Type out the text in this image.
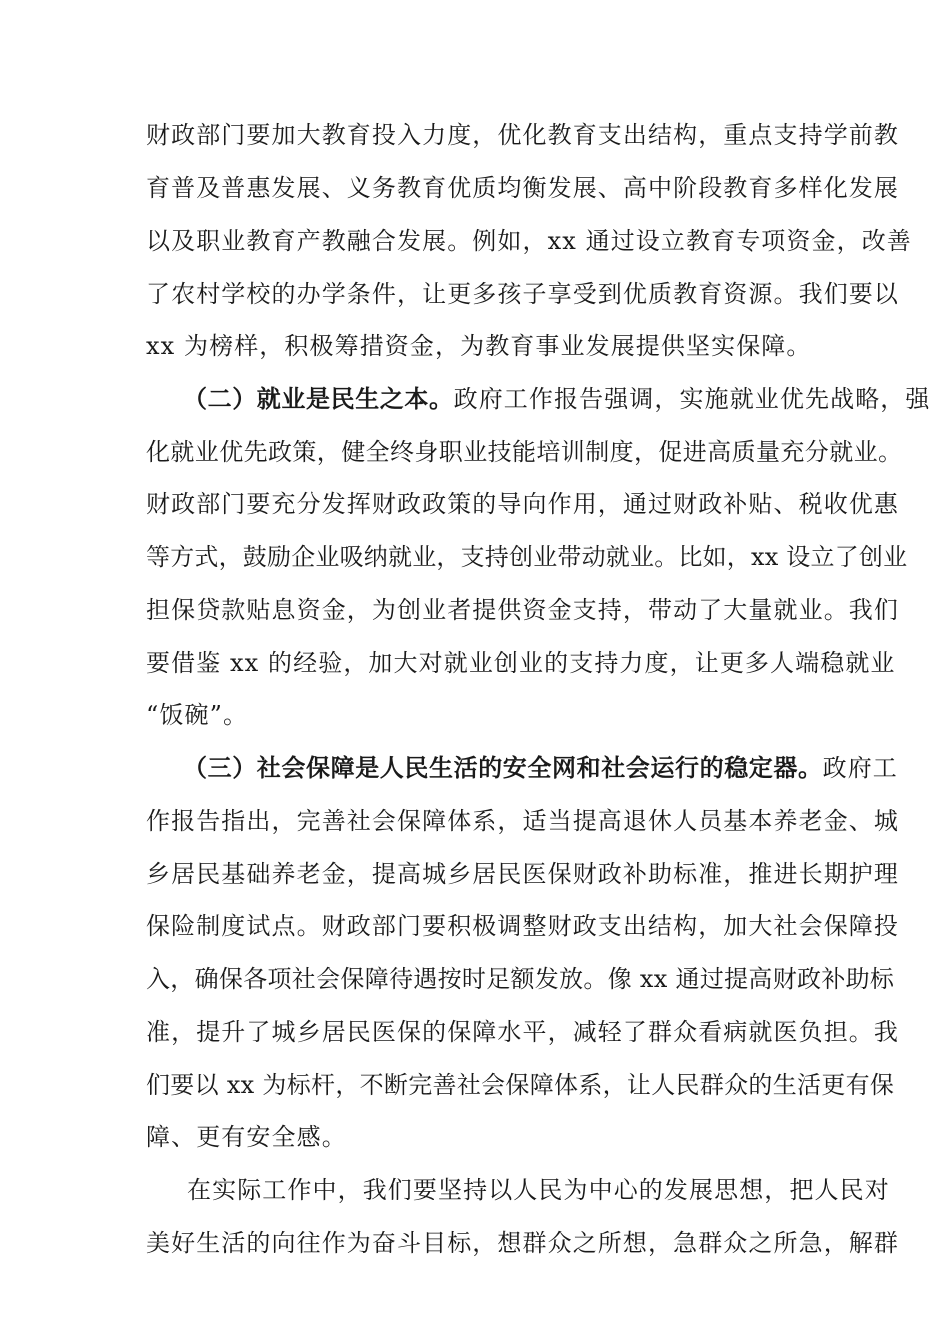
财政部门要加大教育投入力度，优化教育支出结构，重点支持学前教
育普及普惠发展、义务教育优质均衡发展、高中阶段教育多样化发展
以及职业教育产教融合发展。例如，xx 通过设立教育专项资金，改善
了农村学校的办学条件，让更多孩子享受到优质教育资源。我们要以
xx 为榜样，积极筹措资金，为教育事业发展提供坚实保障。
（二）就业是民生之本。政府工作报告强调，实施就业优先战略，强
化就业优先政策，健全终身职业技能培训制度，促进高质量充分就业。
财政部门要充分发挥财政政策的导向作用，通过财政补贴、税收优惠
等方式，鼓励企业吸纳就业，支持创业带动就业。比如，xx 设立了创业
担保贷款贴息资金，为创业者提供资金支持，带动了大量就业。我们
要借鉴 xx 的经验，加大对就业创业的支持力度，让更多人端稳就业
“饭碗”。
（三）社会保障是人民生活的安全网和社会运行的稳定器。政府工
作报告指出，完善社会保障体系，适当提高退休人员基本养老金、城
乡居民基础养老金，提高城乡居民医保财政补助标准，推进长期护理
保险制度试点。财政部门要积极调整财政支出结构，加大社会保障投
入，确保各项社会保障待遇按时足额发放。像 xx 通过提高财政补助标
准，提升了城乡居民医保的保障水平，减轻了群众看病就医负担。我
们要以 xx 为标杆，不断完善社会保障体系，让人民群众的生活更有保
障、更有安全感。
在实际工作中，我们要坚持以人民为中心的发展思想，把人民对
美好生活的向往作为奋斗目标，想群众之所想，急群众之所急，解群
